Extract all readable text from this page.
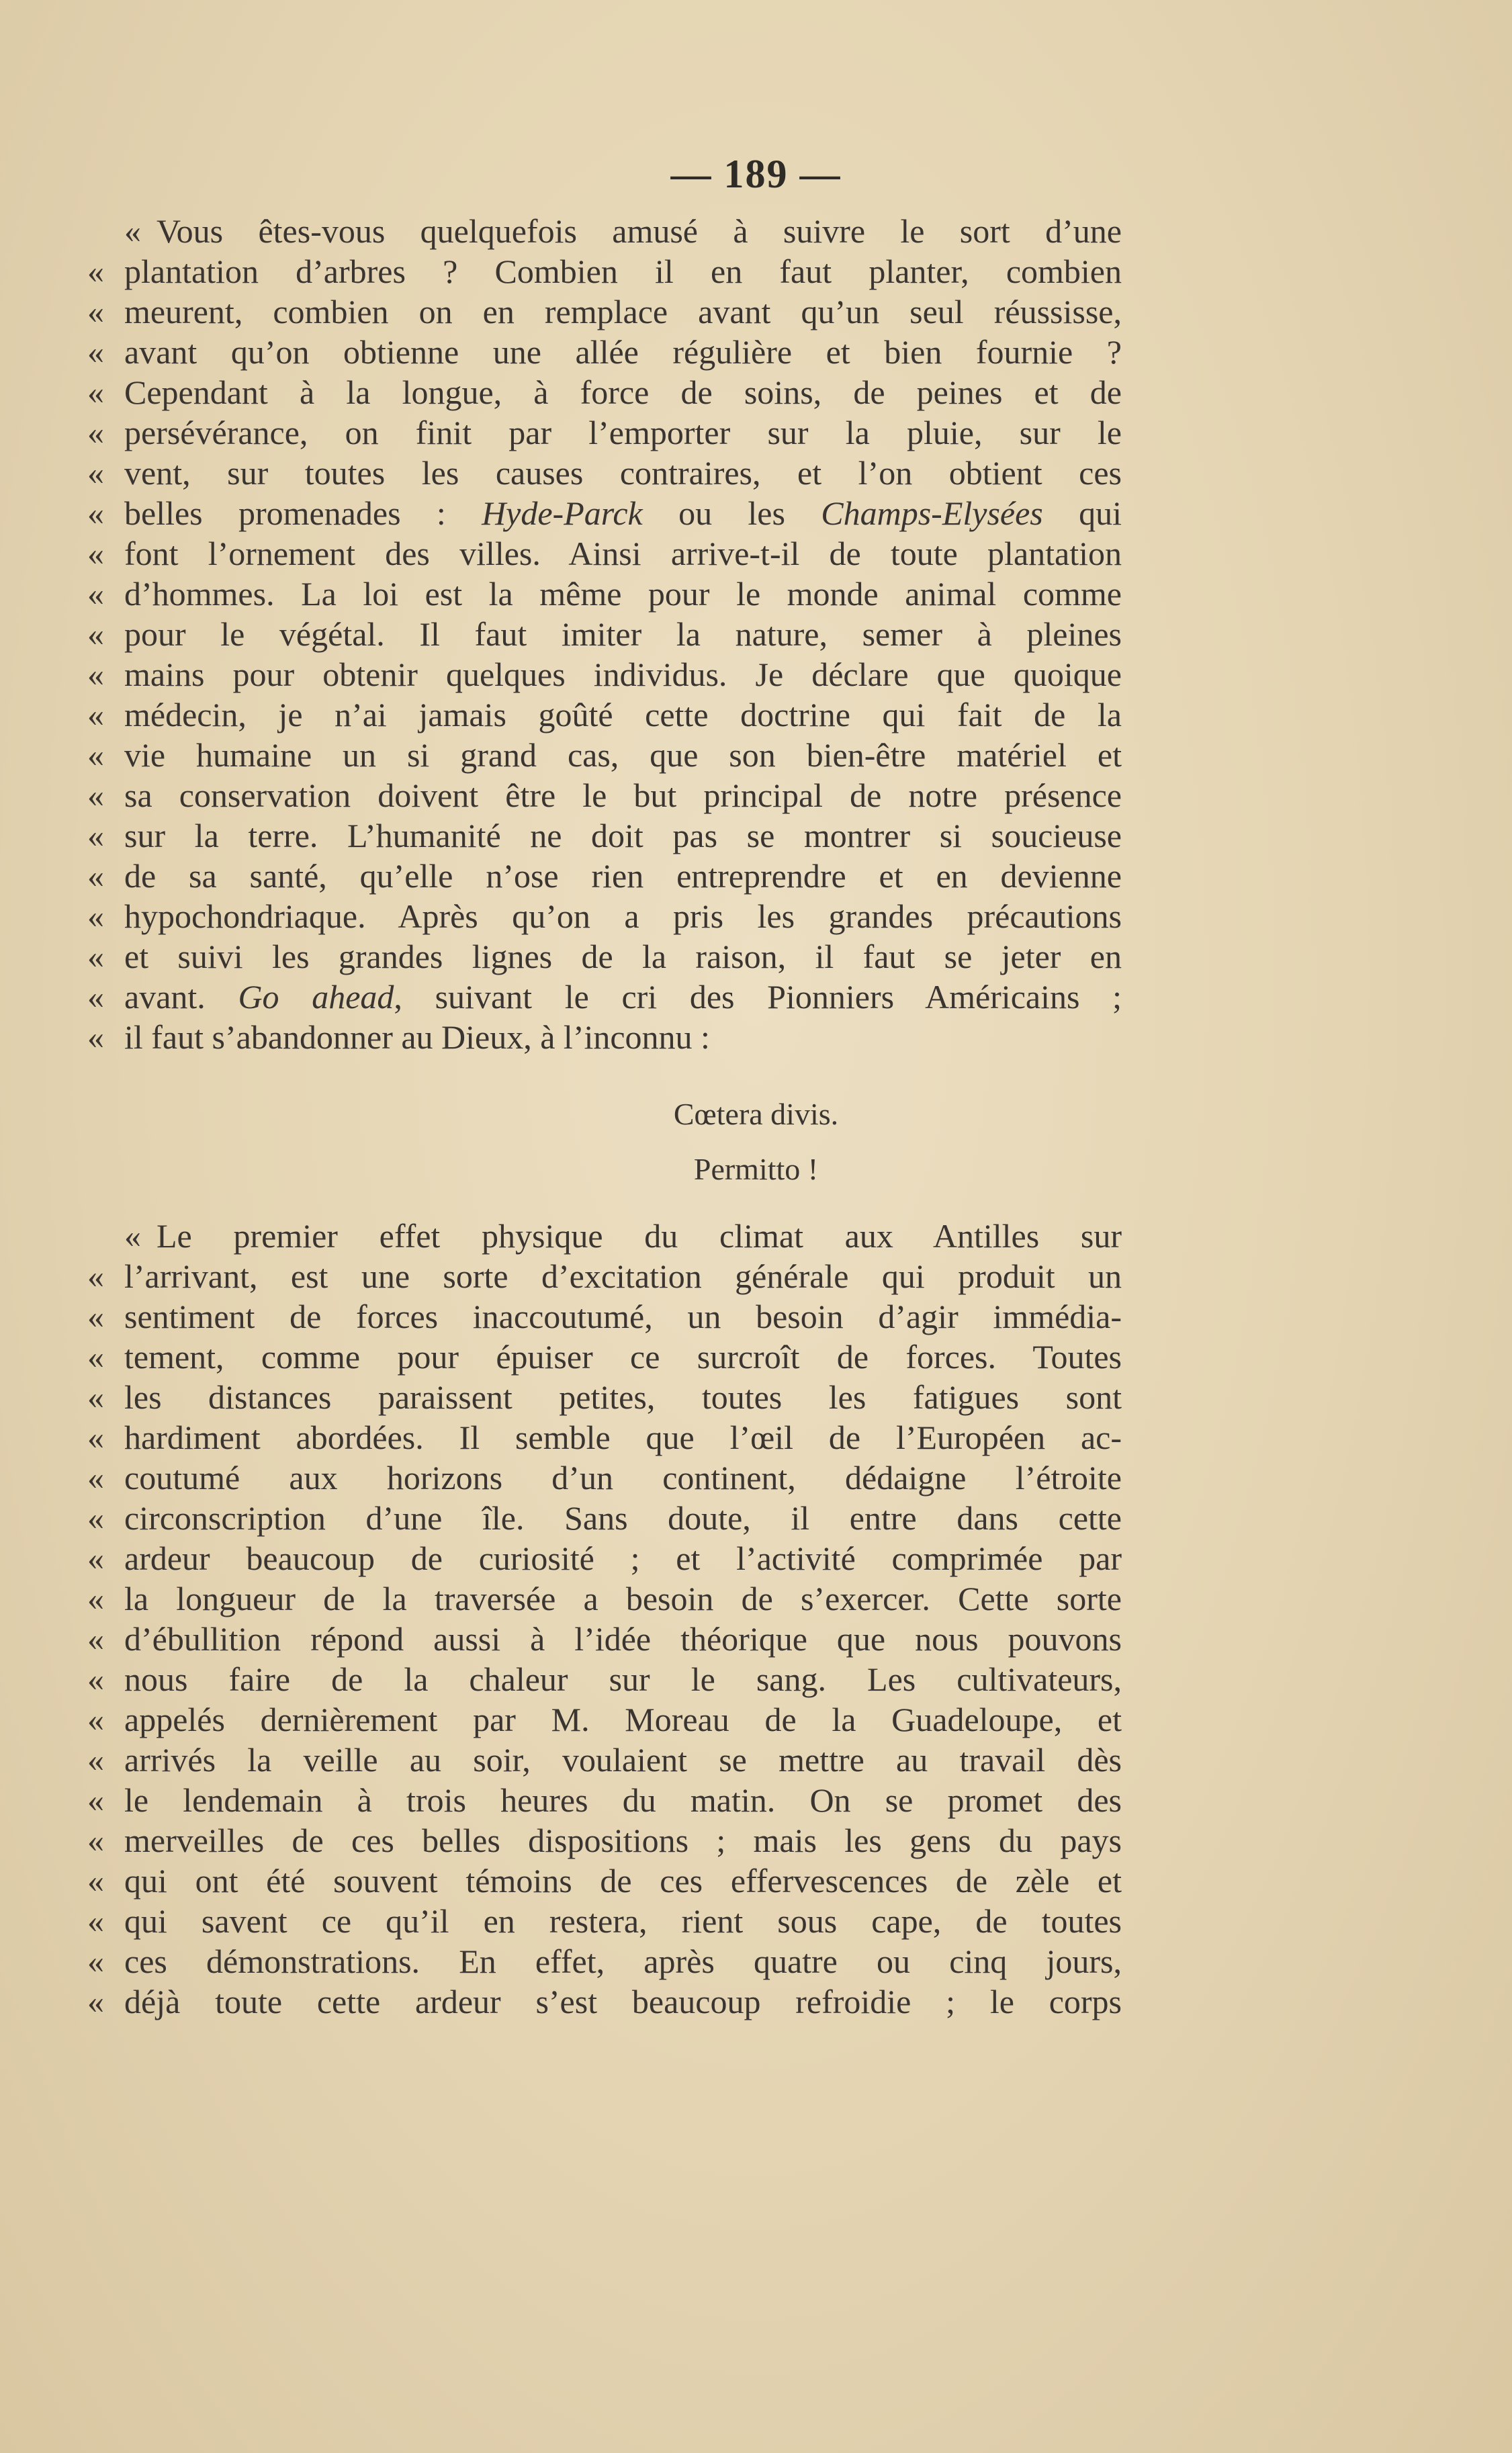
— 189 —
« Vous êtes-vous quelquefois amusé à suivre le sort d’une
« plantation d’arbres ? Combien il en faut planter, combien
« meurent, combien on en remplace avant qu’un seul réussisse,
« avant qu’on obtienne une allée régulière et bien fournie ?
« Cependant à la longue, à force de soins, de peines et de
« persévérance, on finit par l’emporter sur la pluie, sur le
« vent, sur toutes les causes contraires, et l’on obtient ces
« belles promenades : Hyde-Parck ou les Champs-Elysées qui
« font l’ornement des villes. Ainsi arrive-t-il de toute plantation
« d’hommes. La loi est la même pour le monde animal comme
« pour le végétal. Il faut imiter la nature, semer à pleines
« mains pour obtenir quelques individus. Je déclare que quoique
« médecin, je n’ai jamais goûté cette doctrine qui fait de la
« vie humaine un si grand cas, que son bien-être matériel et
« sa conservation doivent être le but principal de notre présence
« sur la terre. L’humanité ne doit pas se montrer si soucieuse
« de sa santé, qu’elle n’ose rien entreprendre et en devienne
« hypochondriaque. Après qu’on a pris les grandes précautions
« et suivi les grandes lignes de la raison, il faut se jeter en
« avant. Go ahead, suivant le cri des Pionniers Américains ;
« il faut s’abandonner au Dieux, à l’inconnu :
Cœtera divis.
Permitto !
« Le premier effet physique du climat aux Antilles sur
« l’arrivant, est une sorte d’excitation générale qui produit un
« sentiment de forces inaccoutumé, un besoin d’agir immédia-
« tement, comme pour épuiser ce surcroît de forces. Toutes
« les distances paraissent petites, toutes les fatigues sont
« hardiment abordées. Il semble que l’œil de l’Européen ac-
« coutumé aux horizons d’un continent, dédaigne l’étroite
« circonscription d’une île. Sans doute, il entre dans cette
« ardeur beaucoup de curiosité ; et l’activité comprimée par
« la longueur de la traversée a besoin de s’exercer. Cette sorte
« d’ébullition répond aussi à l’idée théorique que nous pouvons
« nous faire de la chaleur sur le sang. Les cultivateurs,
« appelés dernièrement par M. Moreau de la Guadeloupe, et
« arrivés la veille au soir, voulaient se mettre au travail dès
« le lendemain à trois heures du matin. On se promet des
« merveilles de ces belles dispositions ; mais les gens du pays
« qui ont été souvent témoins de ces effervescences de zèle et
« qui savent ce qu’il en restera, rient sous cape, de toutes
« ces démonstrations. En effet, après quatre ou cinq jours,
« déjà toute cette ardeur s’est beaucoup refroidie ; le corps
